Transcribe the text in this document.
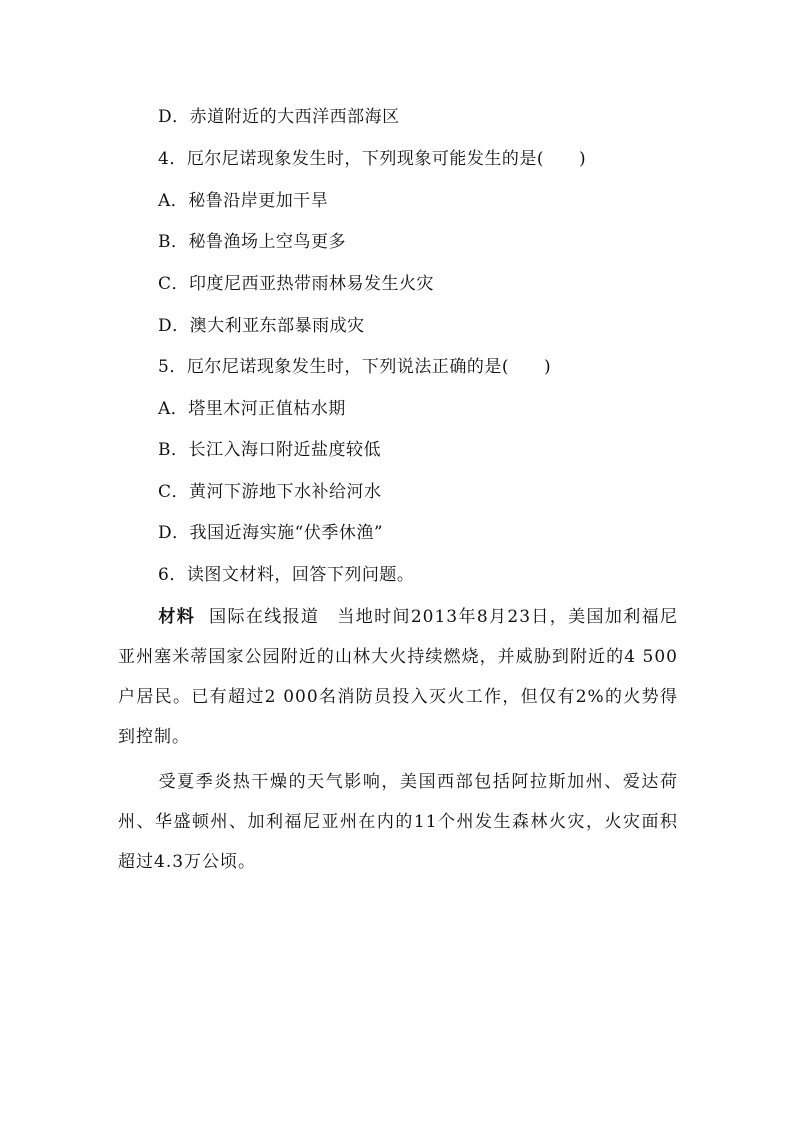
D．赤道附近的大西洋西部海区
4．厄尔尼诺现象发生时，下列现象可能发生的是(　　)
A．秘鲁沿岸更加干旱
B．秘鲁渔场上空鸟更多
C．印度尼西亚热带雨林易发生火灾
D．澳大利亚东部暴雨成灾
5．厄尔尼诺现象发生时，下列说法正确的是(　　)
A．塔里木河正值枯水期
B．长江入海口附近盐度较低
C．黄河下游地下水补给河水
D．我国近海实施“伏季休渔”
6．读图文材料，回答下列问题。
材料 国际在线报道 当地时间2013年8月23日，美国加利福尼亚州塞米蒂国家公园附近的山林大火持续燃烧，并威胁到附近的4 500户居民。已有超过2 000名消防员投入灭火工作，但仅有2%的火势得到控制。
受夏季炎热干燥的天气影响，美国西部包括阿拉斯加州、爱达荷州、华盛顿州、加利福尼亚州在内的11个州发生森林火灾，火灾面积超过4.3万公顷。
